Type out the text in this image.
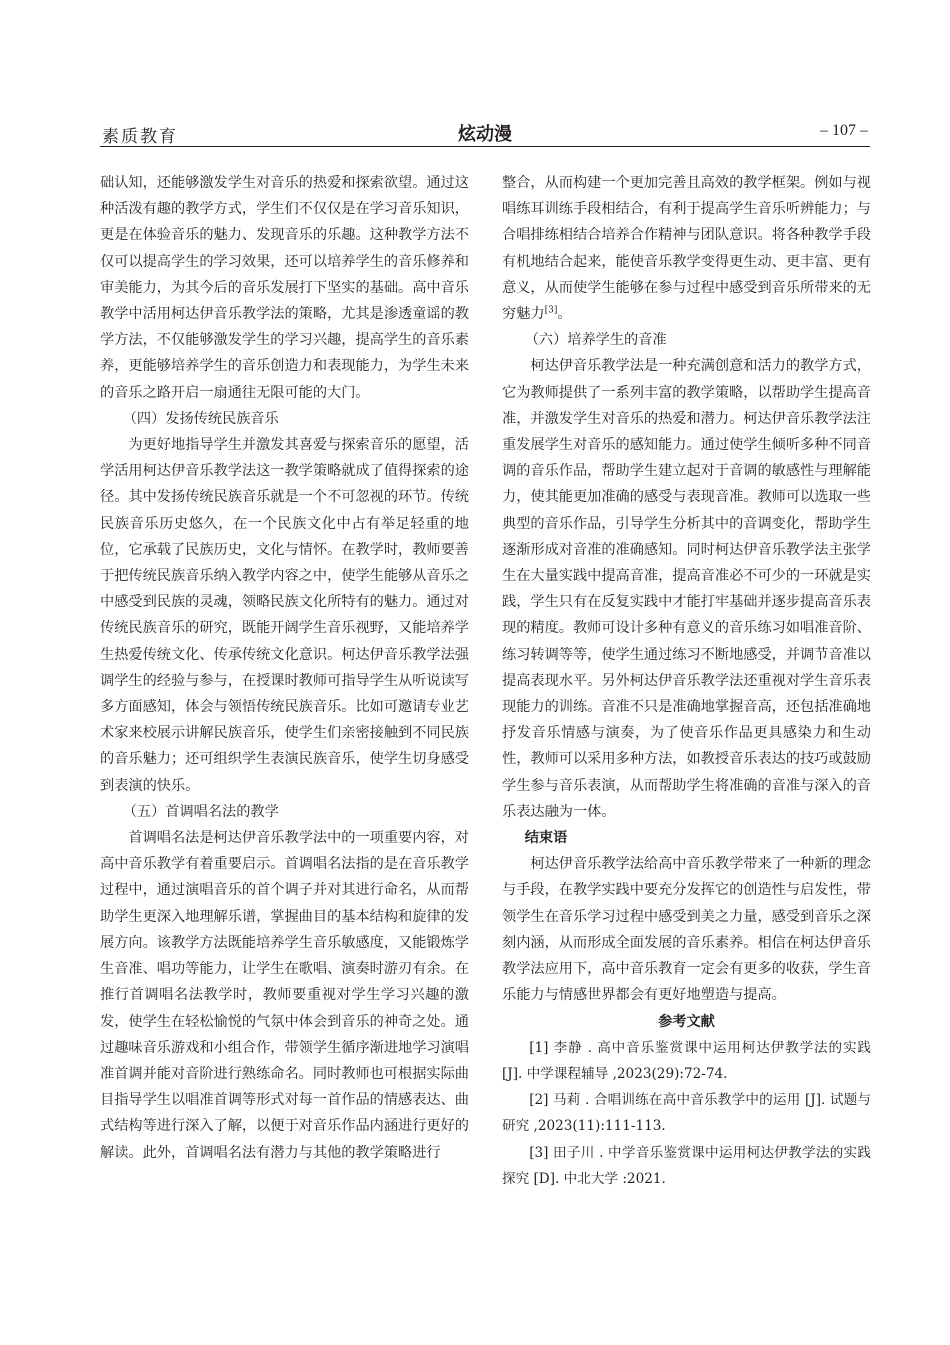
素质教育	炫动漫	– 107 –

础认知，还能够激发学生对音乐的热爱和探索欲望。通过这种活泼有趣的教学方式，学生们不仅仅是在学习音乐知识，更是在体验音乐的魅力、发现音乐的乐趣。这种教学方法不仅可以提高学生的学习效果，还可以培养学生的音乐修养和审美能力，为其今后的音乐发展打下坚实的基础。高中音乐教学中活用柯达伊音乐教学法的策略，尤其是渗透童谣的教学方法，不仅能够激发学生的学习兴趣，提高学生的音乐素养，更能够培养学生的音乐创造力和表现能力，为学生未来的音乐之路开启一扇通往无限可能的大门。

（四）发扬传统民族音乐

为更好地指导学生并激发其喜爱与探索音乐的愿望，活学活用柯达伊音乐教学法这一教学策略就成了值得探索的途径。其中发扬传统民族音乐就是一个不可忽视的环节。传统民族音乐历史悠久，在一个民族文化中占有举足轻重的地位，它承载了民族历史，文化与情怀。在教学时，教师要善于把传统民族音乐纳入教学内容之中，使学生能够从音乐之中感受到民族的灵魂，领略民族文化所特有的魅力。通过对传统民族音乐的研究，既能开阔学生音乐视野，又能培养学生热爱传统文化、传承传统文化意识。柯达伊音乐教学法强调学生的经验与参与，在授课时教师可指导学生从听说读写多方面感知，体会与领悟传统民族音乐。比如可邀请专业艺术家来校展示讲解民族音乐，使学生们亲密接触到不同民族的音乐魅力；还可组织学生表演民族音乐，使学生切身感受到表演的快乐。

（五）首调唱名法的教学

首调唱名法是柯达伊音乐教学法中的一项重要内容，对高中音乐教学有着重要启示。首调唱名法指的是在音乐教学过程中，通过演唱音乐的首个调子并对其进行命名，从而帮助学生更深入地理解乐谱，掌握曲目的基本结构和旋律的发展方向。该教学方法既能培养学生音乐敏感度，又能锻炼学生音准、唱功等能力，让学生在歌唱、演奏时游刃有余。在推行首调唱名法教学时，教师要重视对学生学习兴趣的激发，使学生在轻松愉悦的气氛中体会到音乐的神奇之处。通过趣味音乐游戏和小组合作，带领学生循序渐进地学习演唱准首调并能对音阶进行熟练命名。同时教师也可根据实际曲目指导学生以唱准首调等形式对每一首作品的情感表达、曲式结构等进行深入了解，以便于对音乐作品内涵进行更好的解读。此外，首调唱名法有潜力与其他的教学策略进行

整合，从而构建一个更加完善且高效的教学框架。例如与视唱练耳训练手段相结合，有利于提高学生音乐听辨能力；与合唱排练相结合培养合作精神与团队意识。将各种教学手段有机地结合起来，能使音乐教学变得更生动、更丰富、更有意义，从而使学生能够在参与过程中感受到音乐所带来的无穷魅力[3]。

（六）培养学生的音准

柯达伊音乐教学法是一种充满创意和活力的教学方式，它为教师提供了一系列丰富的教学策略，以帮助学生提高音准，并激发学生对音乐的热爱和潜力。柯达伊音乐教学法注重发展学生对音乐的感知能力。通过使学生倾听多种不同音调的音乐作品，帮助学生建立起对于音调的敏感性与理解能力，使其能更加准确的感受与表现音准。教师可以选取一些典型的音乐作品，引导学生分析其中的音调变化，帮助学生逐渐形成对音准的准确感知。同时柯达伊音乐教学法主张学生在大量实践中提高音准，提高音准必不可少的一环就是实践，学生只有在反复实践中才能打牢基础并逐步提高音乐表现的精度。教师可设计多种有意义的音乐练习如唱准音阶、练习转调等等，使学生通过练习不断地感受，并调节音准以提高表现水平。另外柯达伊音乐教学法还重视对学生音乐表现能力的训练。音准不只是准确地掌握音高，还包括准确地抒发音乐情感与演奏，为了使音乐作品更具感染力和生动性，教师可以采用多种方法，如教授音乐表达的技巧或鼓励学生参与音乐表演，从而帮助学生将准确的音准与深入的音乐表达融为一体。

结束语

柯达伊音乐教学法给高中音乐教学带来了一种新的理念与手段，在教学实践中要充分发挥它的创造性与启发性，带领学生在音乐学习过程中感受到美之力量，感受到音乐之深刻内涵，从而形成全面发展的音乐素养。相信在柯达伊音乐教学法应用下，高中音乐教育一定会有更多的收获，学生音乐能力与情感世界都会有更好地塑造与提高。

参考文献

[1] 李静 . 高中音乐鉴赏课中运用柯达伊教学法的实践 [J]. 中学课程辅导 ,2023(29):72-74.

[2] 马莉 . 合唱训练在高中音乐教学中的运用 [J]. 试题与研究 ,2023(11):111-113.

[3] 田子川 . 中学音乐鉴赏课中运用柯达伊教学法的实践探究 [D]. 中北大学 :2021.
